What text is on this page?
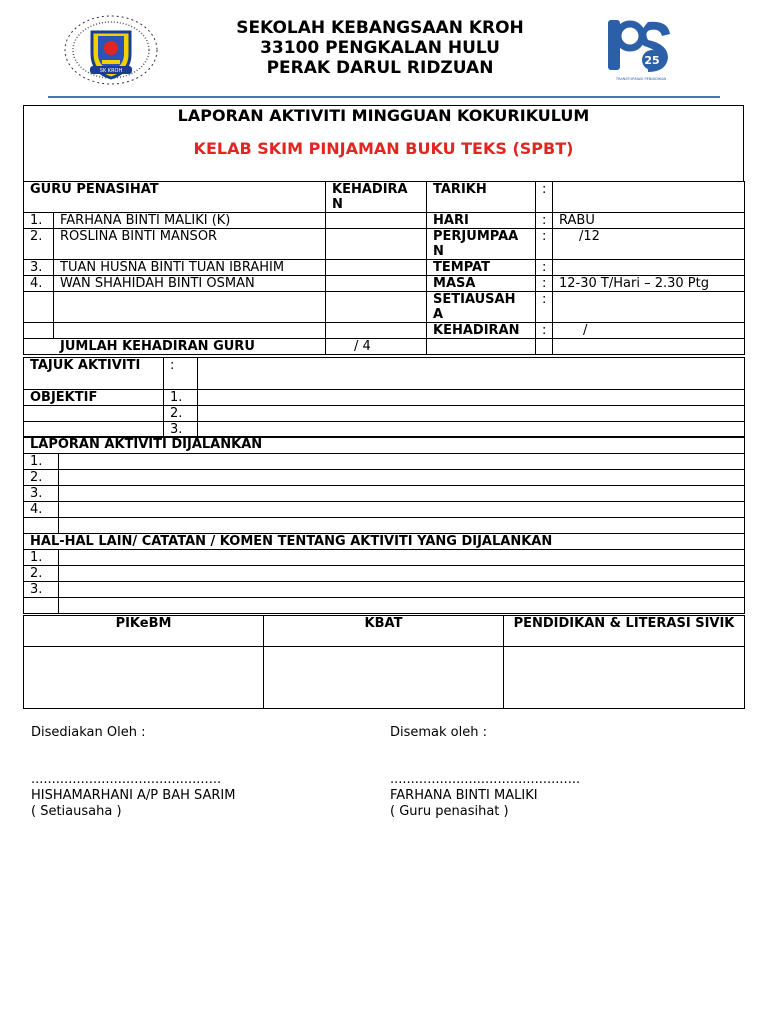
SK KROH
SEKOLAH KEBANGSAAN KROH
33100 PENGKALAN HULU
PERAK DARUL RIDZUAN	25
TRANSFORMASI PENDIDIKAN
LAPORAN AKTIVITI MINGGUAN KOKURIKULUM
KELAB SKIM PINJAMAN BUKU TEKS (SPBT)
GURU PENASIHAT		KEHADIRA N	TARIKH	:	
1.	FARHANA BINTI MALIKI (K)		HARI	:	RABU
2.	ROSLINA BINTI MANSOR		PERJUMPAA N	:	/12
3.	TUAN HUSNA BINTI TUAN IBRAHIM		TEMPAT	:	
4.	WAN SHAHIDAH BINTI OSMAN		MASA	:	12-30 T/Hari – 2.30 Ptg
			SETIAUSAH A	:	
			KEHADIRAN	:	/
JUMLAH KEHADIRAN GURU		/ 4			
TAJUK AKTIVITI	:	
OBJEKTIF	1.	
	2.	
	3.	
LAPORAN AKTIVITI DIJALANKAN	
1.	
2.	
3.	
4.	

HAL-HAL LAIN/ CATATAN / KOMEN TENTANG AKTIVITI YANG DIJALANKAN	
1.	
2.	
3.	

PIKeBM	KBAT	PENDIDIKAN & LITERASI SIVIK

Disediakan Oleh :
..............................................
HISHAMARHANI A/P BAH SARIM
( Setiausaha )
Disemak oleh :
..............................................
FARHANA BINTI MALIKI
( Guru penasihat )
